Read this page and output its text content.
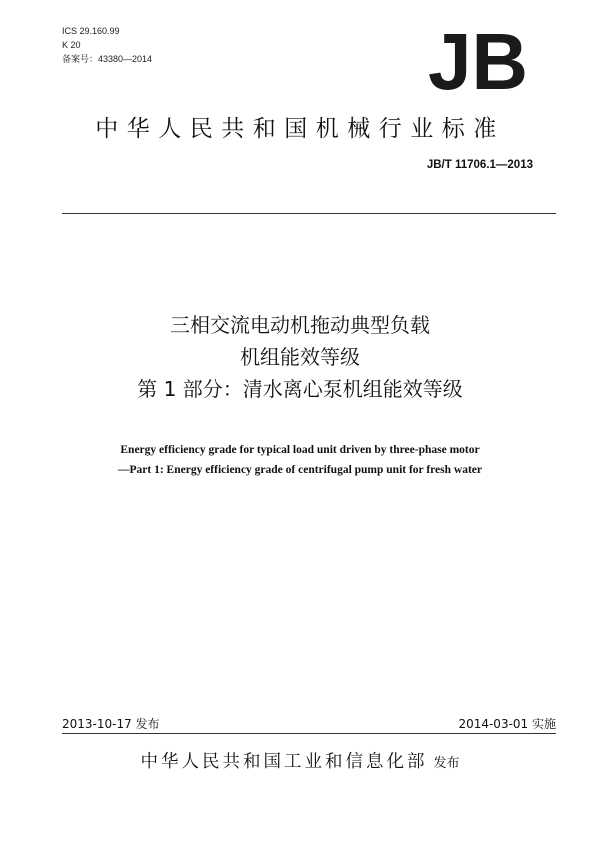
ICS 29.160.99
K 20
备案号：43380—2014	JB
中华人民共和国机械行业标准
JB/T 11706.1—2013
三相交流电动机拖动典型负载
机组能效等级
第 1 部分：清水离心泵机组能效等级
Energy efficiency grade for typical load unit driven by three-phase motor
—Part 1: Energy efficiency grade of centrifugal pump unit for fresh water
2013-10-17 发布	2014-03-01 实施
中华人民共和国工业和信息化部 发布
